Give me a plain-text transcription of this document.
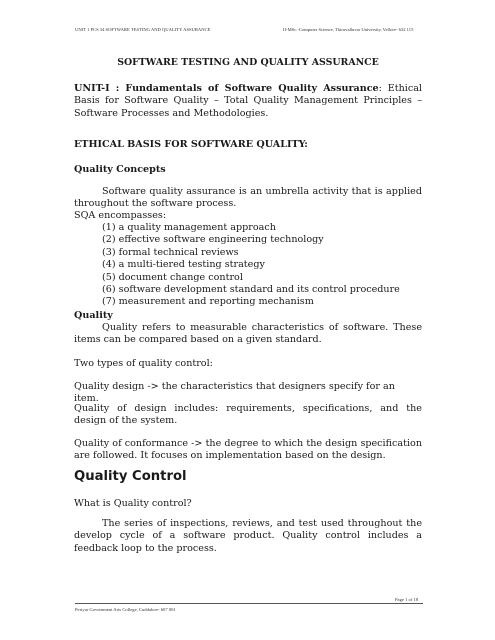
UNIT 1 PCS 34 SOFTWARE TESTING AND QUALITY ASSURANCE	II-MSc.-Computer Science, Thiruvalluvar University, Vellore- 632 115
SOFTWARE TESTING AND QUALITY ASSURANCE

UNIT-I : Fundamentals of Software Quality Assurance: Ethical Basis for Software Quality – Total Quality Management Principles – Software Processes and Methodologies.

ETHICAL BASIS FOR SOFTWARE QUALITY:
Quality Concepts

Software quality assurance is an umbrella activity that is applied throughout the software process.

SQA encompasses:
(1) a quality management approach
(2) effective software engineering technology
(3) formal technical reviews
(4) a multi-tiered testing strategy
(5) document change control
(6) software development standard and its control procedure
(7) measurement and reporting mechanism
Quality

Quality refers to measurable characteristics of software. These items can be compared based on a given standard.

Two types of quality control:
Quality design -> the characteristics that designers specify for an item.

Quality of design includes: requirements, specifications, and the design of the system.

Quality of conformance -> the degree to which the design specification are followed. It focuses on implementation based on the design.

Quality Control
What is Quality control?

The series of inspections, reviews, and test used throughout the develop cycle of a software product. Quality control includes a feedback loop to the process.

Page 1 of 18
Periyar Government Arts College, Cuddalore- 607 001
